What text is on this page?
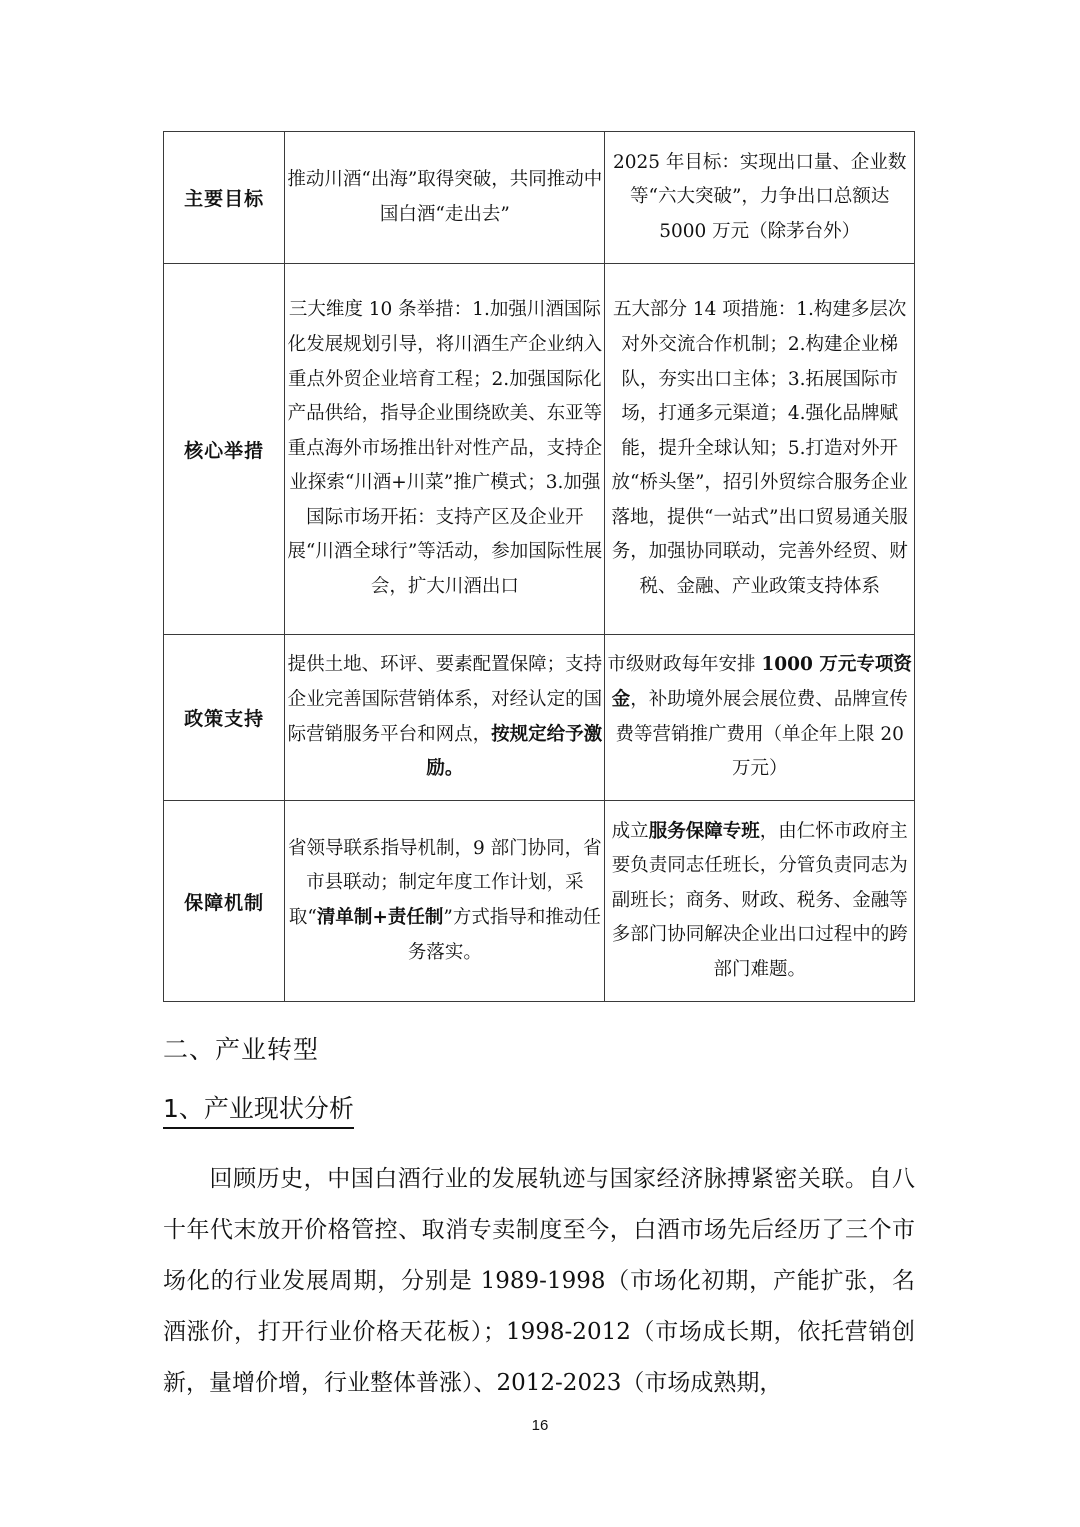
主要目标	推动川酒“出海”取得突破，共同推动中国白酒“走出去”	2025 年目标：实现出口量、企业数等“六大突破”，力争出口总额达 5000 万元（除茅台外）
核心举措	三大维度 10 条举措：1.加强川酒国际化发展规划引导，将川酒生产企业纳入重点外贸企业培育工程；2.加强国际化产品供给，指导企业围绕欧美、东亚等重点海外市场推出针对性产品，支持企业探索“川酒+川菜”推广模式；3.加强国际市场开拓：支持产区及企业开展“川酒全球行”等活动，参加国际性展会，扩大川酒出口	五大部分 14 项措施：1.构建多层次对外交流合作机制；2.构建企业梯队，夯实出口主体；3.拓展国际市场，打通多元渠道；4.强化品牌赋能，提升全球认知；5.打造对外开放“桥头堡”，招引外贸综合服务企业落地，提供“一站式”出口贸易通关服务，加强协同联动，完善外经贸、财税、金融、产业政策支持体系
政策支持	提供土地、环评、要素配置保障；支持企业完善国际营销体系，对经认定的国际营销服务平台和网点，按规定给予激励。	市级财政每年安排 1000 万元专项资金，补助境外展会展位费、品牌宣传费等营销推广费用（单企年上限 20 万元）
保障机制	省领导联系指导机制，9 部门协同，省市县联动；制定年度工作计划，采取“清单制+责任制”方式指导和推动任务落实。	成立服务保障专班，由仁怀市政府主要负责同志任班长，分管负责同志为副班长；商务、财政、税务、金融等多部门协同解决企业出口过程中的跨部门难题。
二、产业转型
1、产业现状分析
回顾历史，中国白酒行业的发展轨迹与国家经济脉搏紧密关联。自八十年代末放开价格管控、取消专卖制度至今，白酒市场先后经历了三个市场化的行业发展周期，分别是 1989-1998（市场化初期，产能扩张，名酒涨价，打开行业价格天花板）；1998-2012（市场成长期，依托营销创新，量增价增，行业整体普涨）、2012-2023（市场成熟期，
16
